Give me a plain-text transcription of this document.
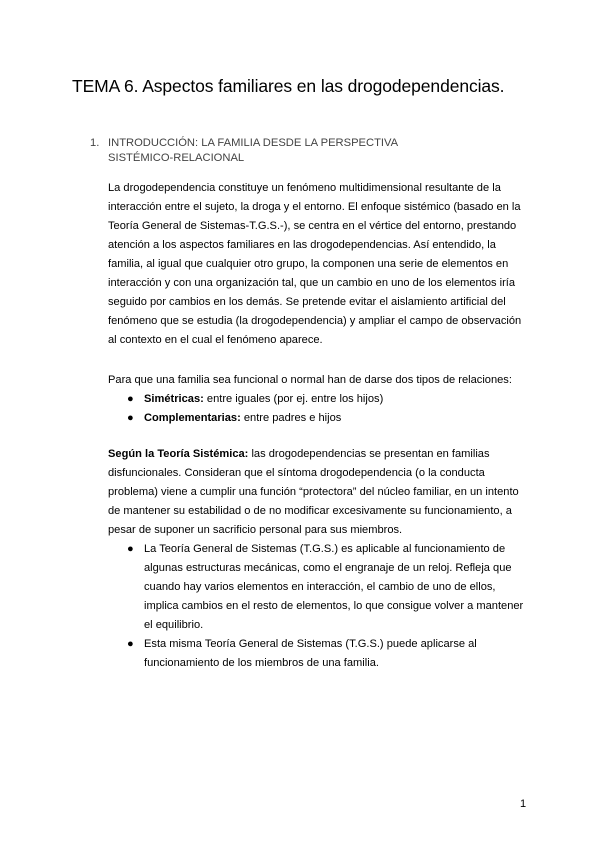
TEMA 6. Aspectos familiares en las drogodependencias.
1. INTRODUCCIÓN: LA FAMILIA DESDE LA PERSPECTIVA SISTÉMICO-RELACIONAL

La drogodependencia constituye un fenómeno multidimensional resultante de la interacción entre el sujeto, la droga y el entorno. El enfoque sistémico (basado en la Teoría General de Sistemas-T.G.S.-), se centra en el vértice del entorno, prestando atención a los aspectos familiares en las drogodependencias. Así entendido, la familia, al igual que cualquier otro grupo, la componen una serie de elementos en interacción y con una organización tal, que un cambio en uno de los elementos iría seguido por cambios en los demás. Se pretende evitar el aislamiento artificial del fenómeno que se estudia (la drogodependencia) y ampliar el campo de observación al contexto en el cual el fenómeno aparece.

Para que una familia sea funcional o normal han de darse dos tipos de relaciones:

● Simétricas: entre iguales (por ej. entre los hijos)
● Complementarias: entre padres e hijos

Según la Teoría Sistémica: las drogodependencias se presentan en familias disfuncionales. Consideran que el síntoma drogodependencia (o la conducta problema) viene a cumplir una función “protectora” del núcleo familiar, en un intento de mantener su estabilidad o de no modificar excesivamente su funcionamiento, a pesar de suponer un sacrificio personal para sus miembros.

● La Teoría General de Sistemas (T.G.S.) es aplicable al funcionamiento de algunas estructuras mecánicas, como el engranaje de un reloj. Refleja que cuando hay varios elementos en interacción, el cambio de uno de ellos, implica cambios en el resto de elementos, lo que consigue volver a mantener el equilibrio.
● Esta misma Teoría General de Sistemas (T.G.S.) puede aplicarse al funcionamiento de los miembros de una familia.
1
